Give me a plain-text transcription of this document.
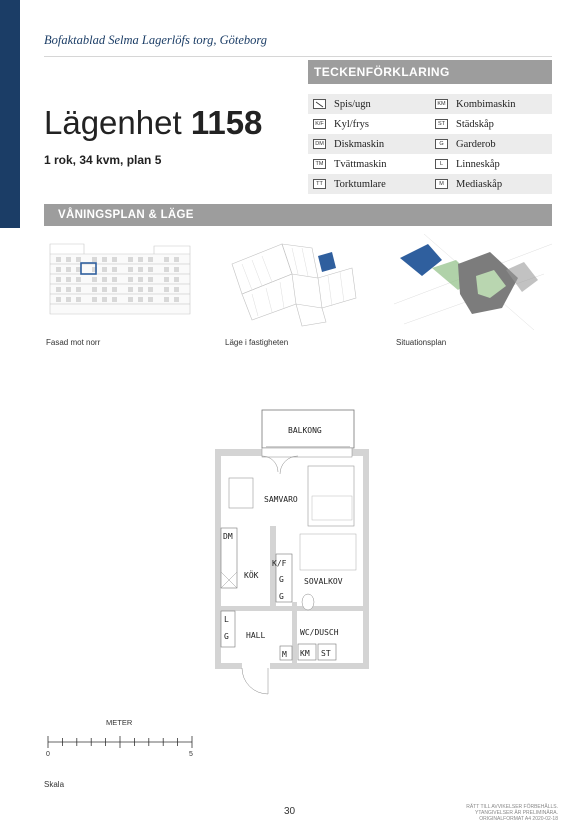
Bofaktablad Selma Lagerlöfs torg, Göteborg
Lägenhet 1158
1 rok, 34 kvm, plan 5
TECKENFÖRKLARING
Spis/ugn	KM Kombimaskin
K/F Kyl/frys	ST Städskåp
DM Diskmaskin	G	Garderob
TM Tvättmaskin	L	Linneskåp
TT Torktumlare	M	Mediaskåp
VÅNINGSPLAN & LÄGE
Fasad mot norr	Läge i fastigheten	Situationsplan
BALKONG
SAMVARO
DM
KÖK
K/F
G
G
SOVALKOV
L
G HALL	WC/DUSCH
M KM ST
METER
0	5
Skala
30	RÄTT TILL AVVIKELSER FÖRBEHÅLLS.
YTANGIVELSER ÄR PRELIMINÄRA.
ORIGINALFORMAT A4 2020-02-18
